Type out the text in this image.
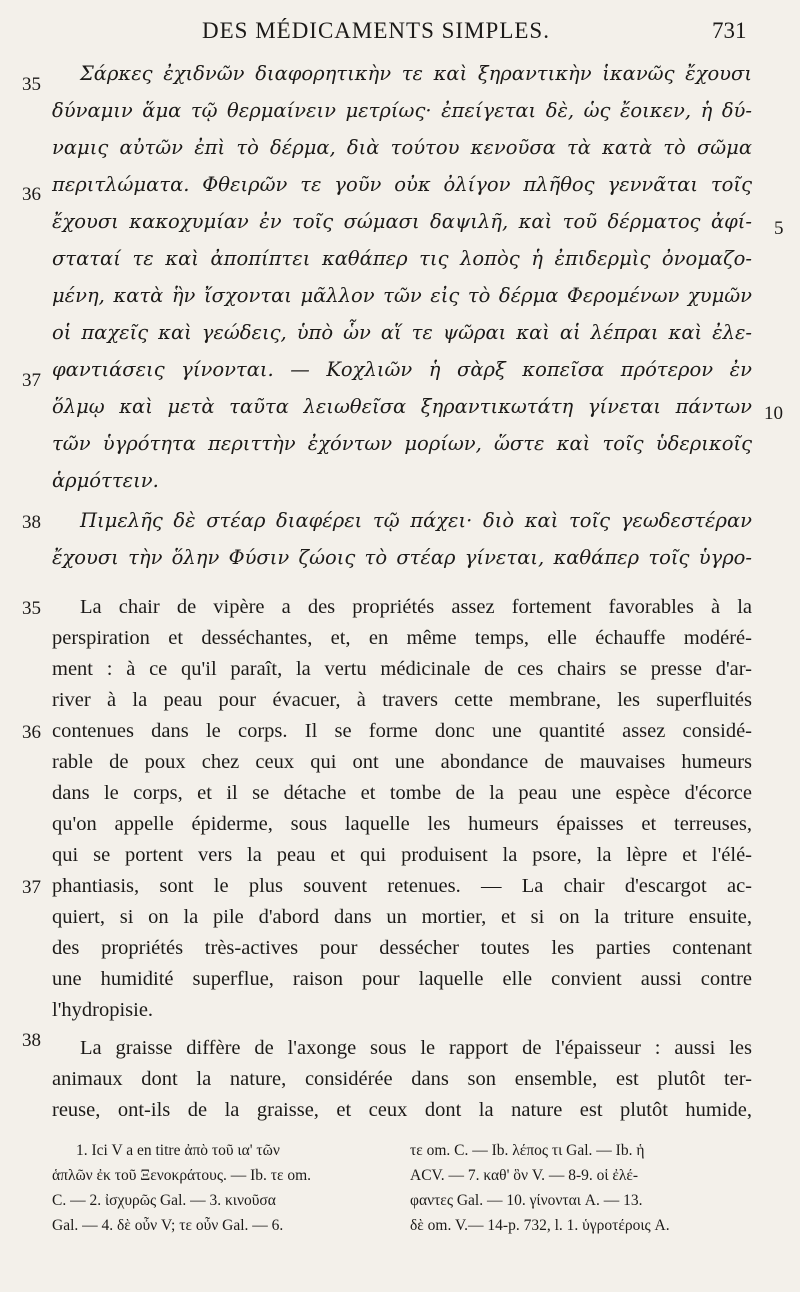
DES MÉDICAMENTS SIMPLES.	731
Σάρκες ἐχιδνῶν διαφορητικὴν τε καὶ ξηραντικὴν ἱκανῶς ἔχουσι
δύναμιν ἅμα τῷ θερμαίνειν μετρίως· ἐπείγεται δὲ, ὡς ἔοικεν, ἡ δύ-
ναμις αὐτῶν ἐπὶ τὸ δέρμα, διὰ τούτου κενοῦσα τὰ κατὰ τὸ σῶμα
περιτλώματα. Φθειρῶν τε γοῦν οὐκ ὀλίγον πλῆθος γεννᾶται τοῖς
ἔχουσι κακοχυμίαν ἐν τοῖς σώμασι δαψιλῆ, καὶ τοῦ δέρματος ἀφί-
σταταί τε καὶ ἀποπίπτει καθάπερ τις λοπὸς ἡ ἐπιδερμὶς ὀνομαζο-
μένη, κατὰ ἣν ἴσχονται μᾶλλον τῶν εἰς τὸ δέρμα Φερομένων χυμῶν
οἱ παχεῖς καὶ γεώδεις, ὑπὸ ὧν αἵ τε ψῶραι καὶ αἱ λέπραι καὶ ἐλε-
φαντιάσεις γίνονται. — Κοχλιῶν ἡ σὰρξ κοπεῖσα πρότερον ἐν
ὅλμῳ καὶ μετὰ ταῦτα λειωθεῖσα ξηραντικωτάτη γίνεται πάντων
τῶν ὑγρότητα περιττὴν ἐχόντων μορίων, ὥστε καὶ τοῖς ὑδερικοῖς
ἁρμόττειν.
Πιμελῆς δὲ στέαρ διαφέρει τῷ πάχει· διὸ καὶ τοῖς γεωδεστέραν
ἔχουσι τὴν ὅλην Φύσιν ζώοις τὸ στέαρ γίνεται, καθάπερ τοῖς ὑγρο-
35
36
37
38
5
10
La chair de vipère a des propriétés assez fortement favorables à la
perspiration et desséchantes, et, en même temps, elle échauffe modéré-
ment : à ce qu'il paraît, la vertu médicinale de ces chairs se presse d'ar-
river à la peau pour évacuer, à travers cette membrane, les superfluités
contenues dans le corps. Il se forme donc une quantité assez considé-
rable de poux chez ceux qui ont une abondance de mauvaises humeurs
dans le corps, et il se détache et tombe de la peau une espèce d'écorce
qu'on appelle épiderme, sous laquelle les humeurs épaisses et terreuses,
qui se portent vers la peau et qui produisent la psore, la lèpre et l'élé-
phantiasis, sont le plus souvent retenues. — La chair d'escargot ac-
quiert, si on la pile d'abord dans un mortier, et si on la triture ensuite,
des propriétés très-actives pour dessécher toutes les parties contenant
une humidité superflue, raison pour laquelle elle convient aussi contre
l'hydropisie.
La graisse diffère de l'axonge sous le rapport de l'épaisseur : aussi les
animaux dont la nature, considérée dans son ensemble, est plutôt ter-
reuse, ont-ils de la graisse, et ceux dont la nature est plutôt humide,
35
36
37
38
1. Ici V a en titre ἀπὸ τοῦ ια' τῶν
ἁπλῶν ἐκ τοῦ Ξενοκράτους. — Ib. τε om.
C. — 2. ἰσχυρῶς Gal. — 3. κινοῦσα
Gal. — 4. δὲ οὖν V; τε οὖν Gal. — 6.
τε om. C. — Ib. λέπος τι Gal. — Ib. ἡ
ACV. — 7. καθ' ὃν V. — 8-9. οἱ ἐλέ-
φαντες Gal. — 10. γίνονται A. — 13.
δὲ om. V.— 14-p. 732, l. 1. ὑγροτέροις A.
